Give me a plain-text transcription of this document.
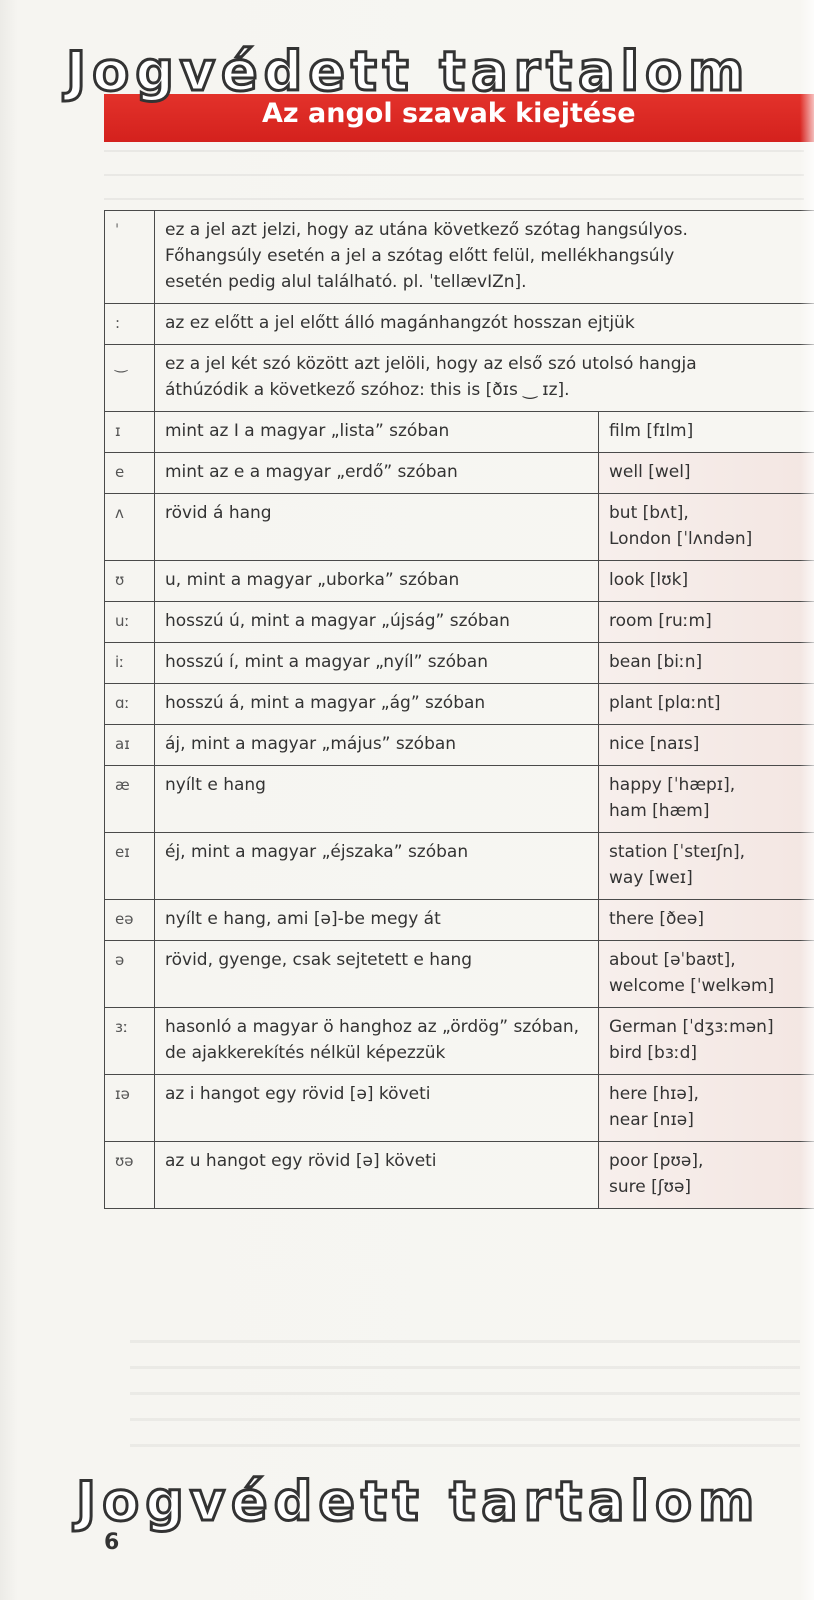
Jogvédett tartalom
Az angol szavak kiejtése
ˈ	ez a jel azt jelzi, hogy az utána következő szótag hangsúlyos.
Főhangsúly esetén a jel a szótag előtt felül, mellékhangsúly
esetén pedig alul található. pl. ˈtellævIZn].	

:	az ez előtt a jel előtt álló magánhangzót hosszan ejtjük	

‿	ez a jel két szó között azt jelöli, hogy az első szó utolsó hangja
áthúzódik a következő szóhoz: this is [ðɪs ‿ ɪz].	

ɪ	mint az I a magyar „lista” szóban	film [fɪlm]

e	mint az e a magyar „erdő” szóban	well [wel]

ʌ	rövid á hang	but [bʌt],
London [ˈlʌndən]

ʊ	u, mint a magyar „uborka” szóban	look [lʊk]

uː	hosszú ú, mint a magyar „újság” szóban	room [ruːm]

iː	hosszú í, mint a magyar „nyíl” szóban	bean [biːn]

ɑː	hosszú á, mint a magyar „ág” szóban	plant [plɑːnt]

aɪ	áj, mint a magyar „május” szóban	nice [naɪs]

æ	nyílt e hang	happy [ˈhæpɪ],
ham [hæm]

eɪ	éj, mint a magyar „éjszaka” szóban	station [ˈsteɪʃn],
way [weɪ]

eə	nyílt e hang, ami [ə]-be megy át	there [ðeə]

ə	rövid, gyenge, csak sejtetett e hang	about [əˈbaʊt],
welcome [ˈwelkəm]

ɜː	hasonló a magyar ö hanghoz az „ördög” szóban, de ajakkerekítés nélkül képezzük	German [ˈdʒɜːmən]
bird [bɜːd]

ɪə	az i hangot egy rövid [ə] követi	here [hɪə],
near [nɪə]

ʊə	az u hangot egy rövid [ə] követi	poor [pʊə],
sure [ʃʊə]
Jogvédett tartalom
6
